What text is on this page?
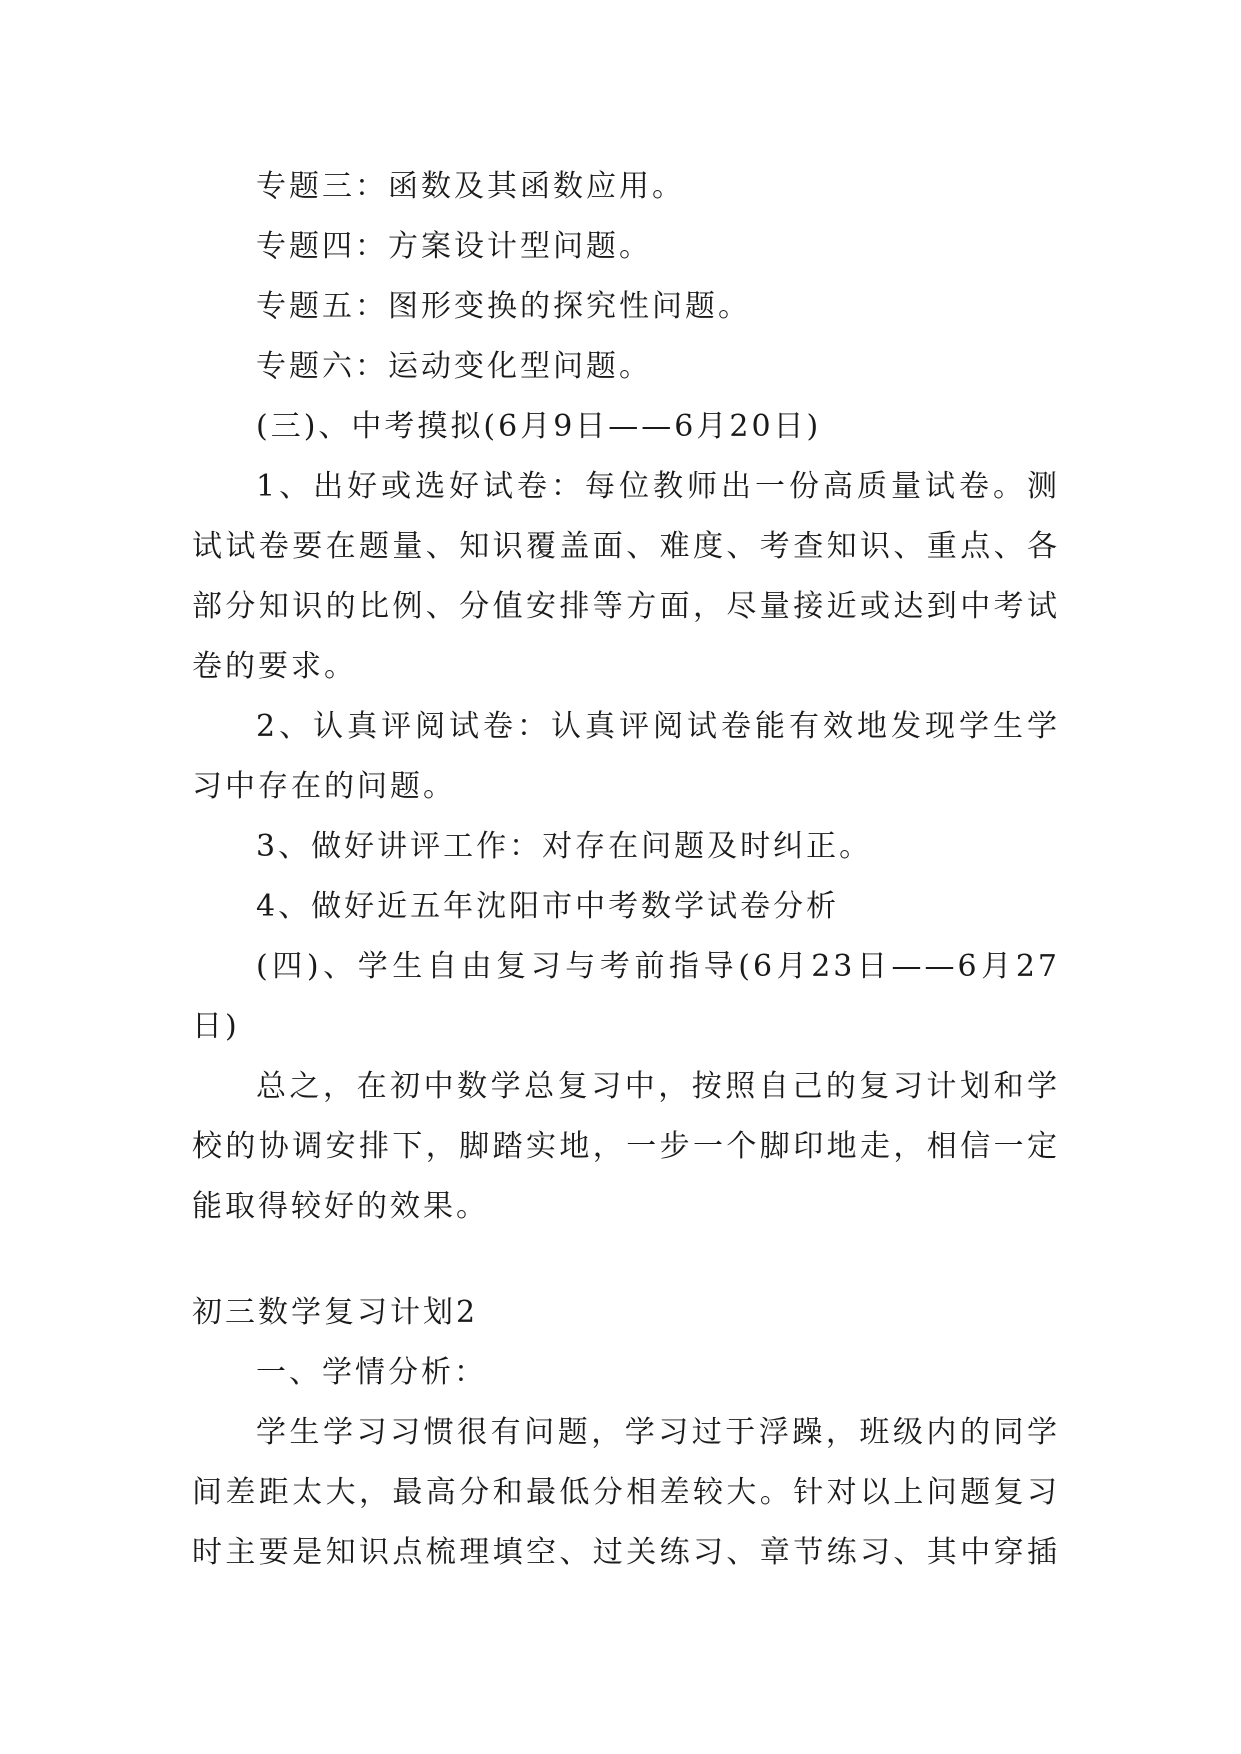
专题三：函数及其函数应用。
专题四：方案设计型问题。
专题五：图形变换的探究性问题。
专题六：运动变化型问题。
(三)、中考摸拟(6月9日——6月20日)
1、出好或选好试卷：每位教师出一份高质量试卷。测
试试卷要在题量、知识覆盖面、难度、考查知识、重点、各
部分知识的比例、分值安排等方面，尽量接近或达到中考试
卷的要求。
2、认真评阅试卷：认真评阅试卷能有效地发现学生学
习中存在的问题。
3、做好讲评工作：对存在问题及时纠正。
4、做好近五年沈阳市中考数学试卷分析
(四)、学生自由复习与考前指导(6月23日——6月27
日)
总之，在初中数学总复习中，按照自己的复习计划和学
校的协调安排下，脚踏实地，一步一个脚印地走，相信一定
能取得较好的效果。
初三数学复习计划2
一、学情分析：
学生学习习惯很有问题，学习过于浮躁，班级内的同学
间差距太大，最高分和最低分相差较大。针对以上问题复习
时主要是知识点梳理填空、过关练习、章节练习、其中穿插
